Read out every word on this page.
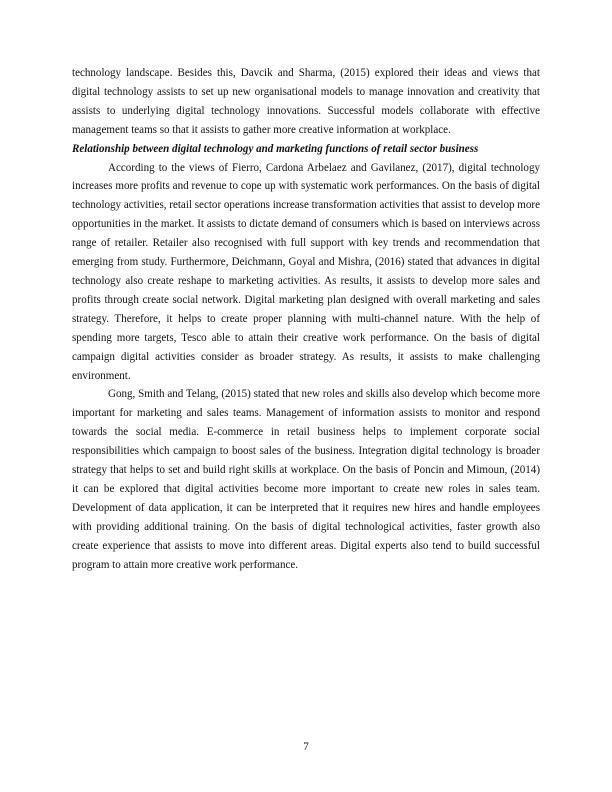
technology landscape. Besides this, Davcik and Sharma, (2015) explored their ideas and views that digital technology assists to set up new organisational models to manage innovation and creativity that assists to underlying digital technology innovations. Successful models collaborate with effective management teams so that it assists to gather more creative information at workplace.

Relationship between digital technology and marketing functions of retail sector business

According to the views of Fierro, Cardona Arbelaez and Gavilanez, (2017), digital technology increases more profits and revenue to cope up with systematic work performances. On the basis of digital technology activities, retail sector operations increase transformation activities that assist to develop more opportunities in the market. It assists to dictate demand of consumers which is based on interviews across range of retailer. Retailer also recognised with full support with key trends and recommendation that emerging from study. Furthermore, Deichmann, Goyal and Mishra, (2016) stated that advances in digital technology also create reshape to marketing activities. As results, it assists to develop more sales and profits through create social network. Digital marketing plan designed with overall marketing and sales strategy. Therefore, it helps to create proper planning with multi-channel nature. With the help of spending more targets, Tesco able to attain their creative work performance. On the basis of digital campaign digital activities consider as broader strategy. As results, it assists to make challenging environment.

Gong, Smith and Telang, (2015) stated that new roles and skills also develop which become more important for marketing and sales teams. Management of information assists to monitor and respond towards the social media. E-commerce in retail business helps to implement corporate social responsibilities which campaign to boost sales of the business. Integration digital technology is broader strategy that helps to set and build right skills at workplace. On the basis of Poncin and Mimoun, (2014) it can be explored that digital activities become more important to create new roles in sales team. Development of data application, it can be interpreted that it requires new hires and handle employees with providing additional training. On the basis of digital technological activities, faster growth also create experience that assists to move into different areas. Digital experts also tend to build successful program to attain more creative work performance.

7
